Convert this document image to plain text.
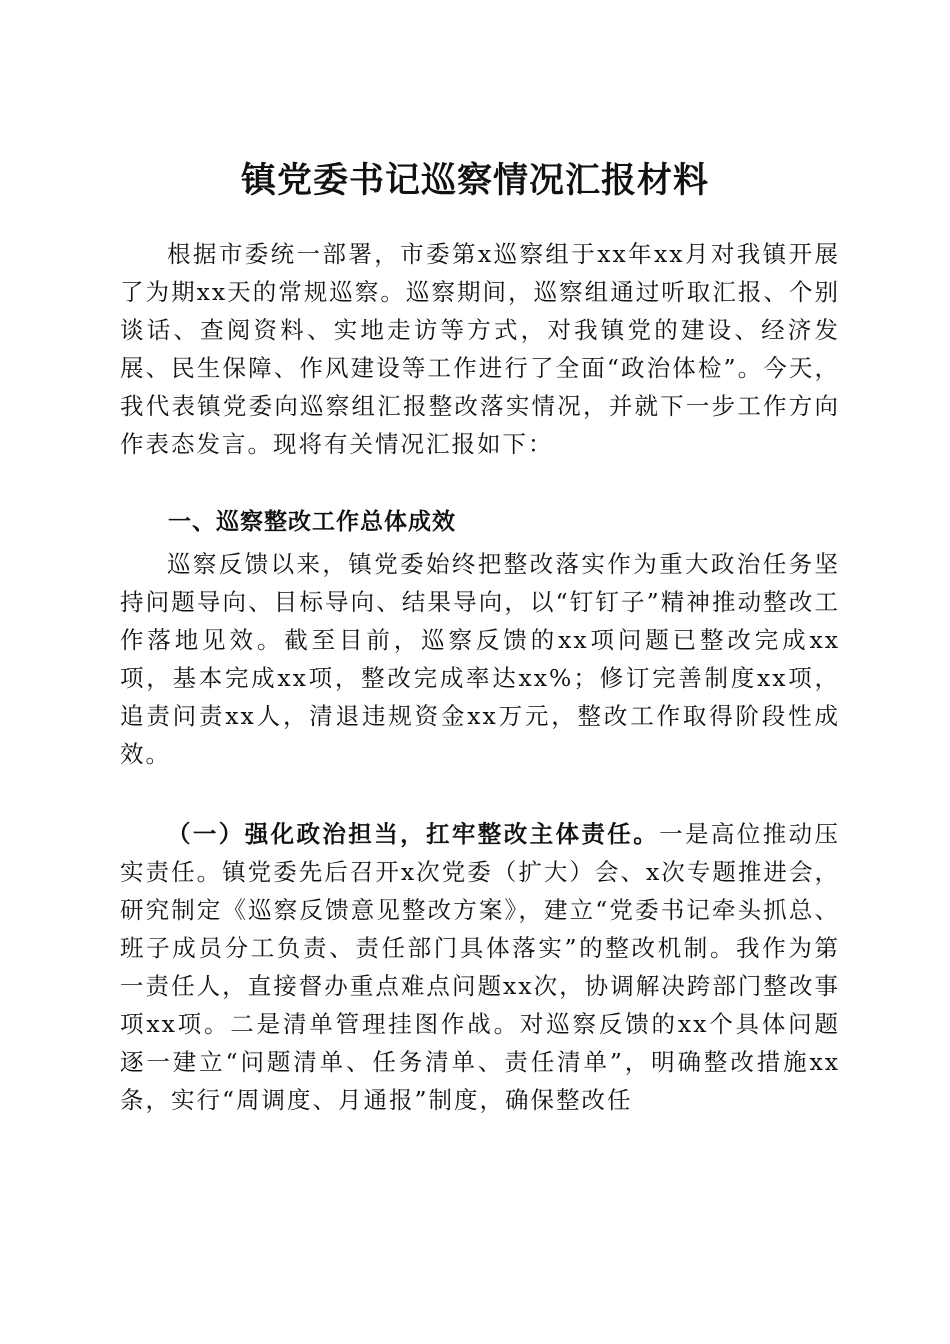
镇党委书记巡察情况汇报材料

根据市委统一部署，市委第x巡察组于xx年xx月对我镇开展了为期xx天的常规巡察。巡察期间，巡察组通过听取汇报、个别谈话、查阅资料、实地走访等方式，对我镇党的建设、经济发展、民生保障、作风建设等工作进行了全面“政治体检”。今天，我代表镇党委向巡察组汇报整改落实情况，并就下一步工作方向作表态发言。现将有关情况汇报如下：

一、巡察整改工作总体成效

巡察反馈以来，镇党委始终把整改落实作为重大政治任务坚持问题导向、目标导向、结果导向，以“钉钉子”精神推动整改工作落地见效。截至目前，巡察反馈的xx项问题已整改完成xx项，基本完成xx项，整改完成率达xx%；修订完善制度xx项，追责问责xx人，清退违规资金xx万元，整改工作取得阶段性成效。

（一）强化政治担当，扛牢整改主体责任。一是高位推动压实责任。镇党委先后召开x次党委（扩大）会、x次专题推进会，研究制定《巡察反馈意见整改方案》，建立“党委书记牵头抓总、班子成员分工负责、责任部门具体落实”的整改机制。我作为第一责任人，直接督办重点难点问题xx次，协调解决跨部门整改事项xx项。二是清单管理挂图作战。对巡察反馈的xx个具体问题逐一建立“问题清单、任务清单、责任清单”，明确整改措施xx条，实行“周调度、月通报”制度，确保整改任
